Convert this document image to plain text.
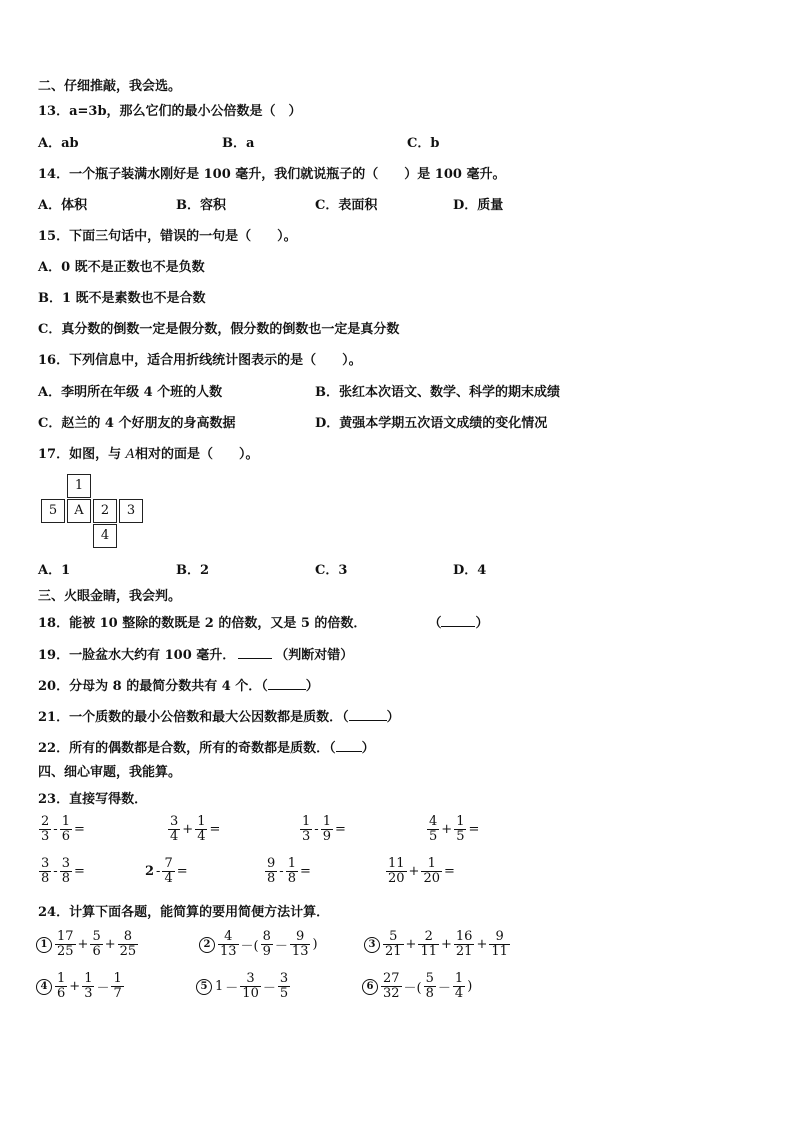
二、仔细推敲，我会选。
13．a=3b，那么它们的最小公倍数是（　）
A．ab	B．a	C．b
14．一个瓶子装满水刚好是 100 毫升，我们就说瓶子的（　　）是 100 毫升。
A．体积	B．容积	C．表面积	D．质量
15．下面三句话中，错误的一句是（　　）。
A．0 既不是正数也不是负数
B．1 既不是素数也不是合数
C．真分数的倒数一定是假分数，假分数的倒数也一定是真分数
16．下列信息中，适合用折线统计图表示的是（　　）。
A．李明所在年级 4 个班的人数	B．张红本次语文、数学、科学的期末成绩
C．赵兰的 4 个好朋友的身高数据	D．黄强本学期五次语文成绩的变化情况
17．如图，与 A相对的面是（　　）。
1
5	A	2	3
4
A．1	B．2	C．3	D．4
三、火眼金睛，我会判。
18．能被 10 整除的数既是 2 的倍数，又是 5 的倍数．	（	）
19．一脸盆水大约有 100 毫升．	（判断对错）
20．分母为 8 的最简分数共有 4 个．（	）
21．一个质数的最小公倍数和最大公因数都是质数．（	）
22．所有的偶数都是合数，所有的奇数都是质数．（ ）
四、细心审题，我能算。
23．直接写得数．
$\frac{2}{3} - \frac{1}{6}$ =	$\frac{3}{4} + \frac{1}{4}$ =	$\frac{1}{3} - \frac{1}{9}$ =	$\frac{4}{5} + \frac{1}{5}$ =
$\frac{3}{8} - \frac{3}{8}$ =	$2 - \frac{7}{4}$ =	$\frac{9}{8} - \frac{1}{8}$ =	$\frac{11}{20} + \frac{1}{20}$ =
24．计算下面各题，能简算的要用简便方法计算．
$1 \frac{17}{25} + \frac{5}{6} + \frac{8}{25}$	$2 \frac{4}{13}$ －( $\frac{8}{9} - \frac{9}{13}$ )	$3 \frac{5}{21} + \frac{2}{11} + \frac{16}{21} + \frac{9}{11}$
$4 \frac{1}{6} + \frac{1}{3} - \frac{1}{7}$	5 $1 - \frac{3}{10} - \frac{3}{5}$	$6 \frac{27}{32}$ －( $\frac{5}{8} - \frac{1}{4}$ )
